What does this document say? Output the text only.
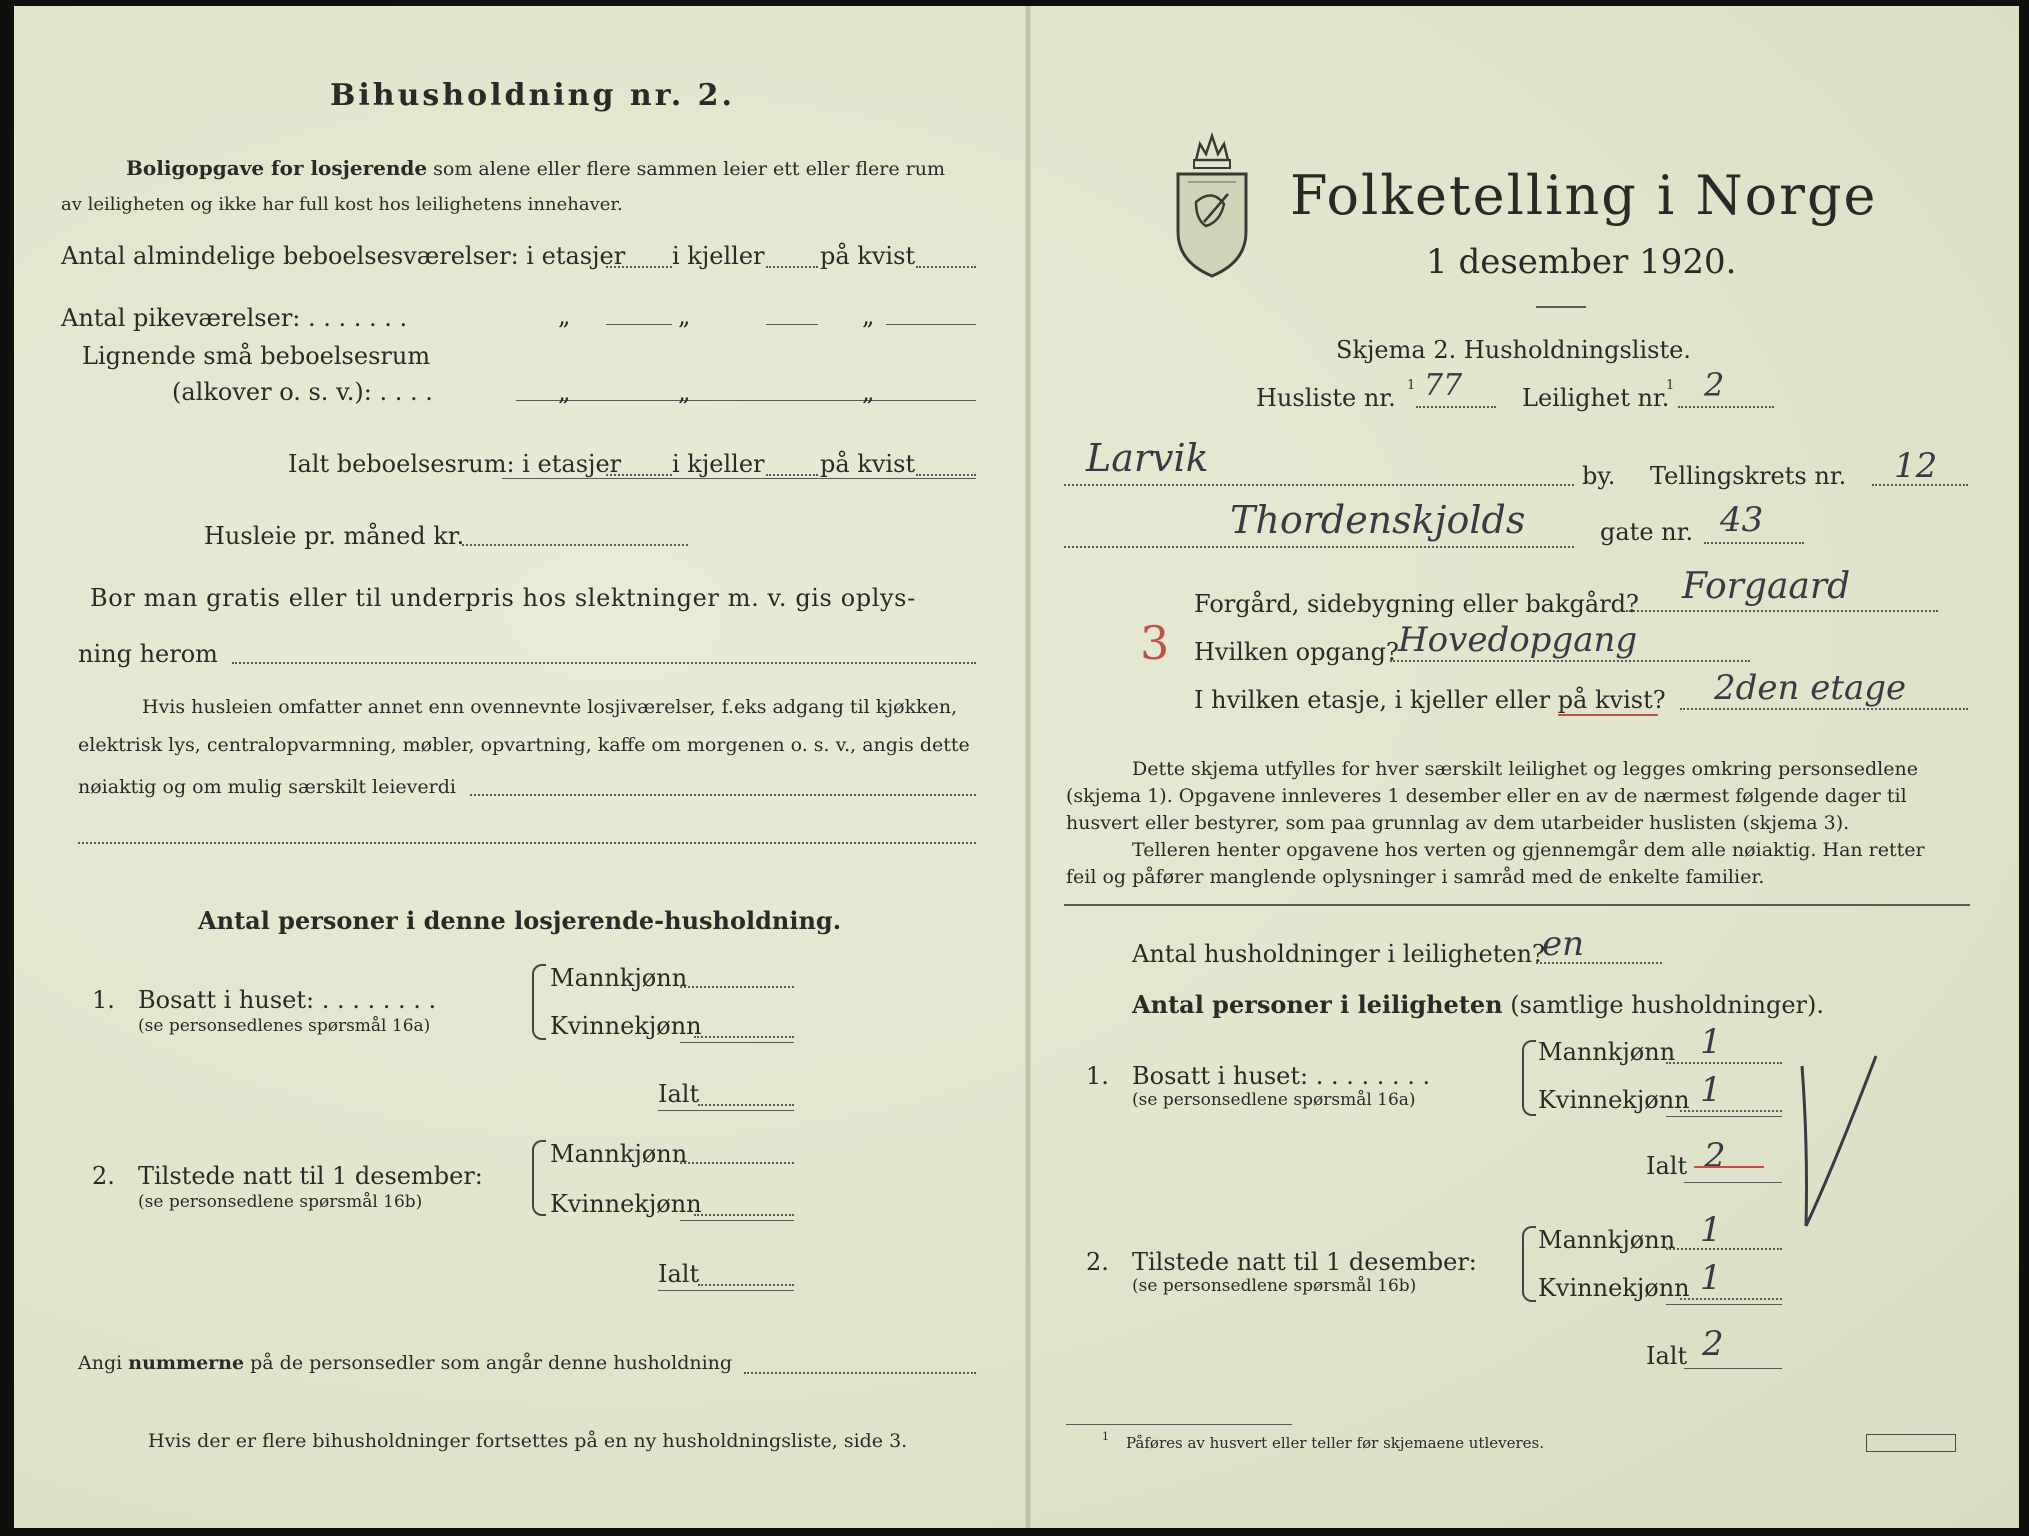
Bihusholdning nr. 2.
Boligopgave for losjerende som alene eller flere sammen leier ett eller flere rum
av leiligheten og ikke har full kost hos leilighetens innehaver.
Antal almindelige beboelsesværelser: i etasjer i kjeller på kvist
Antal pikeværelser: . . . . . . .	„	„	„
Lignende små beboelsesrum
(alkover o. s. v.): . . . .	„	„	„
Ialt beboelsesrum: i etasjer i kjeller på kvist
Husleie pr. måned kr.
Bor man gratis eller til underpris hos slektninger m. v. gis oplys-
ning herom
Hvis husleien omfatter annet enn ovennevnte losjiværelser, f.eks adgang til kjøkken,
elektrisk lys, centralopvarmning, møbler, opvartning, kaffe om morgenen o. s. v., angis dette
nøiaktig og om mulig særskilt leieverdi
Antal personer i denne losjerende-husholdning.
1. Bosatt i huset: . . . . . . . .
(se personsedlenes spørsmål 16a)
Mannkjønn
Kvinnekjønn
Ialt
2. Tilstede natt til 1 desember:
(se personsedlene spørsmål 16b)
Mannkjønn
Kvinnekjønn
Ialt
Angi nummerne på de personsedler som angår denne husholdning
Hvis der er flere bihusholdninger fortsettes på en ny husholdningsliste, side 3.
Folketelling i Norge
1 desember 1920.
Skjema 2. Husholdningsliste.
Husliste nr. 1 77 Leilighet nr.
1 2
Larvik	by. Tellingskrets nr. 12
Thordenskjolds	gate nr. 43
Forgård, sidebygning eller bakgård? Forgaard
3 Hvilken opgang? Hovedopgang
I hvilken etasje, i kjeller eller på kvist? 2den etage
Dette skjema utfylles for hver særskilt leilighet og legges omkring personsedlene
(skjema 1). Opgavene innleveres 1 desember eller en av de nærmest følgende dager til
husvert eller bestyrer, som paa grunnlag av dem utarbeider huslisten (skjema 3).
Telleren henter opgavene hos verten og gjennemgår dem alle nøiaktig. Han retter
feil og påfører manglende oplysninger i samråd med de enkelte familier.
Antal husholdninger i leiligheten?
en
Antal personer i leiligheten (samtlige husholdninger).
1. Bosatt i huset: . . . . . . . .
(se personsedlene spørsmål 16a)
Mannkjønn 1
Kvinnekjønn 1
Ialt 2
2. Tilstede natt til 1 desember:
(se personsedlene spørsmål 16b)
Mannkjønn 1
Kvinnekjønn 1
Ialt 2
1 Påføres av husvert eller teller før skjemaene utleveres.
